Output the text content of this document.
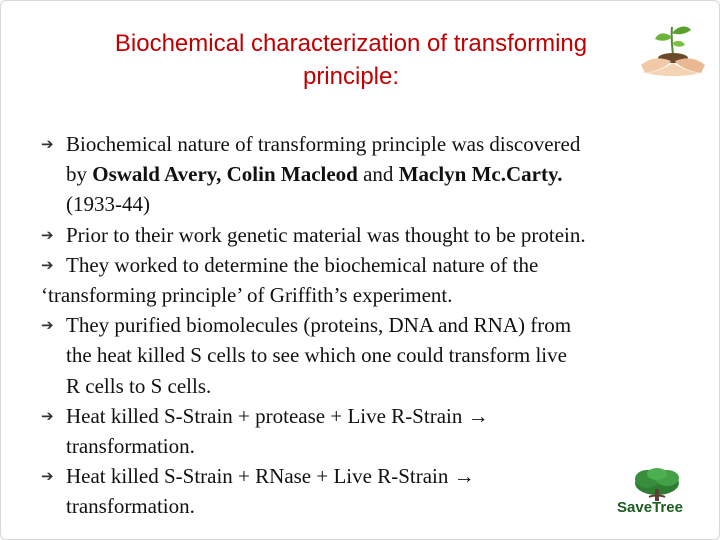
Biochemical characterization of transforming
principle:

➔ Biochemical nature of transforming principle was discovered
by Oswald Avery, Colin Macleod and Maclyn Mc.Carty.
(1933-44)

➔ Prior to their work genetic material was thought to be protein.

➔ They worked to determine the biochemical nature of the
‘transforming principle’ of Griffith’s experiment.

➔ They purified biomolecules (proteins, DNA and RNA) from
the heat killed S cells to see which one could transform live
R cells to S cells.

➔ Heat killed S-Strain + protease + Live R-Strain →
transformation.

➔ Heat killed S-Strain + RNase + Live R-Strain →
transformation.	SaveTree
